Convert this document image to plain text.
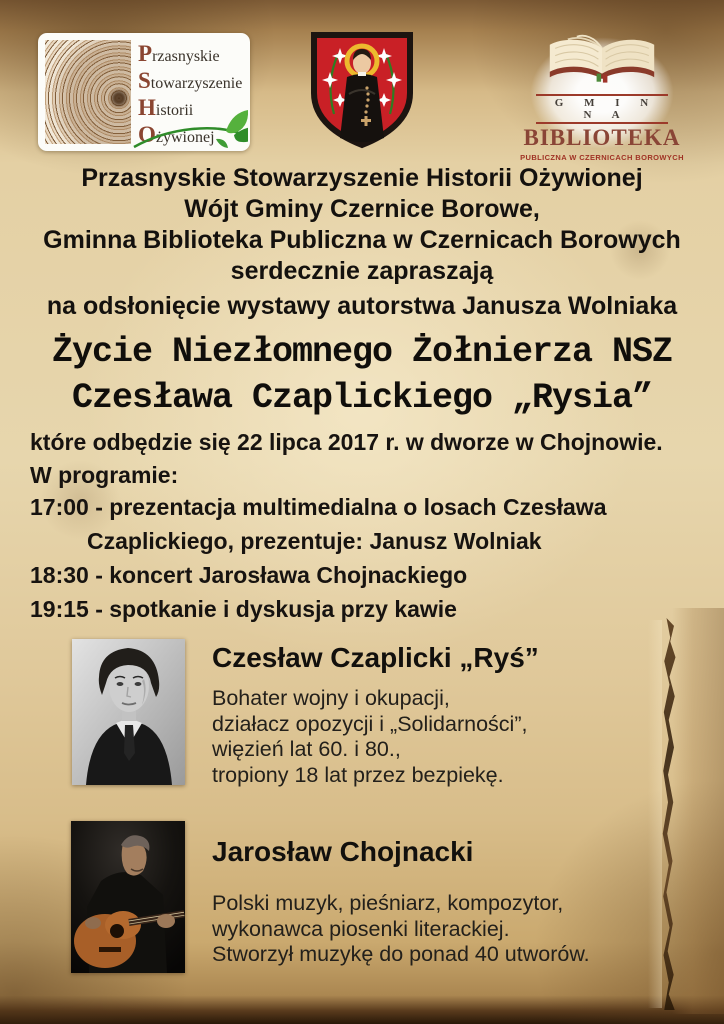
Przasnyskie
Stowarzyszenie
Historii
Ożywionej
G M I N N A
BIBLIOTEKA
PUBLICZNA W CZERNICACH BOROWYCH
Przasnyskie Stowarzyszenie Historii Ożywionej
Wójt Gminy Czernice Borowe,
Gminna Biblioteka Publiczna w Czernicach Borowych
serdecznie zapraszają
na odsłonięcie wystawy autorstwa Janusza Wolniaka
Życie Niezłomnego Żołnierza NSZ
Czesława Czaplickiego „Rysia”
które odbędzie się 22 lipca 2017 r. w dworze w Chojnowie.
W programie:
17:00 - prezentacja multimedialna o losach Czesława
Czaplickiego, prezentuje: Janusz Wolniak
18:30 - koncert Jarosława Chojnackiego
19:15 - spotkanie i dyskusja przy kawie
Czesław Czaplicki „Ryś”
Bohater wojny i okupacji,
działacz opozycji i „Solidarności”,
więzień lat 60. i 80.,
tropiony 18 lat przez bezpiekę.
Jarosław Chojnacki
Polski muzyk, pieśniarz, kompozytor,
wykonawca piosenki literackiej.
Stworzył muzykę do ponad 40 utworów.
